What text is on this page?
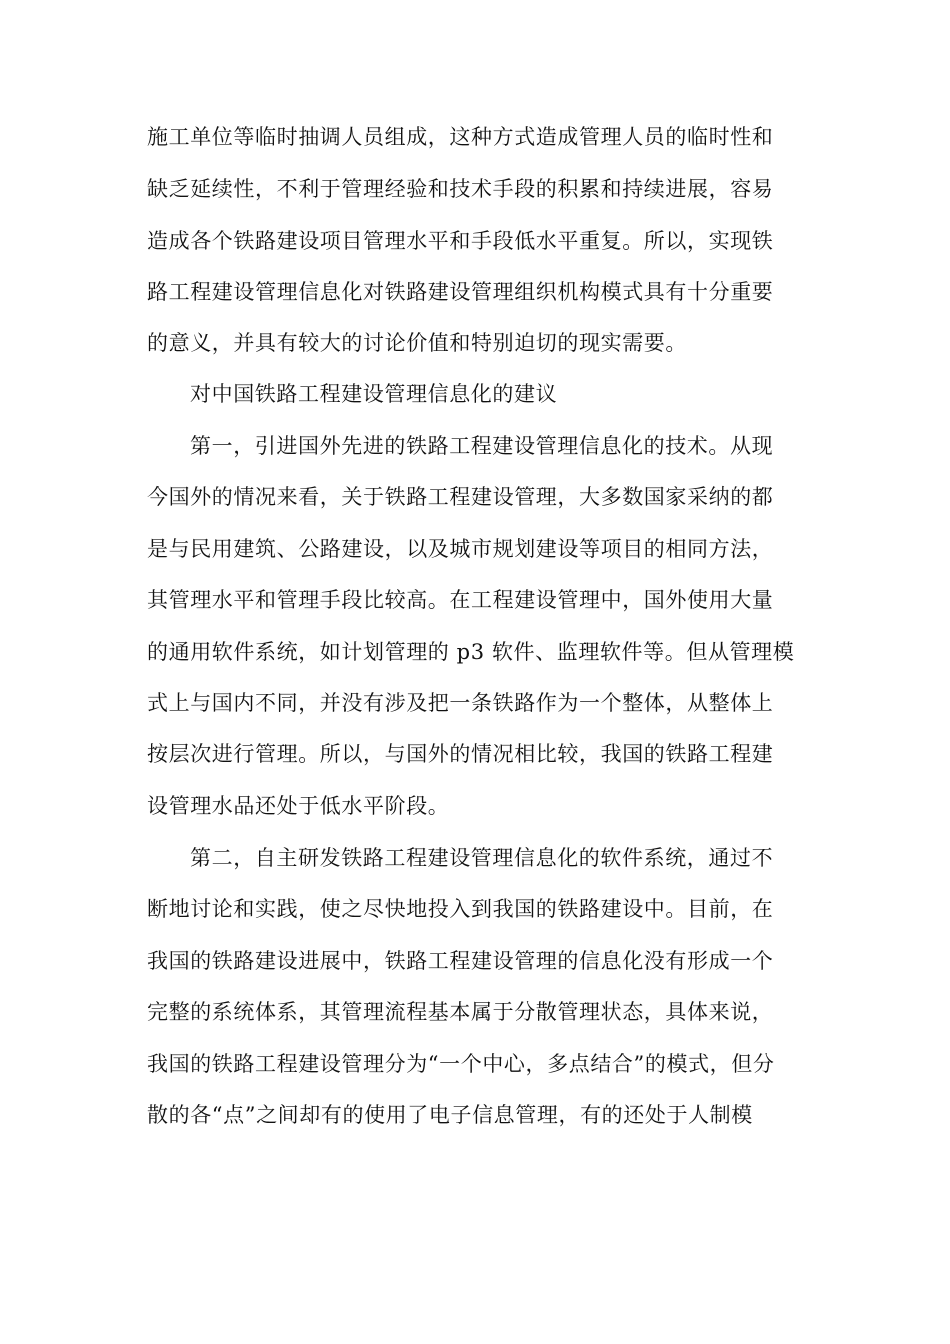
施工单位等临时抽调人员组成，这种方式造成管理人员的临时性和
缺乏延续性，不利于管理经验和技术手段的积累和持续进展，容易
造成各个铁路建设项目管理水平和手段低水平重复。所以，实现铁
路工程建设管理信息化对铁路建设管理组织机构模式具有十分重要
的意义，并具有较大的讨论价值和特别迫切的现实需要。
对中国铁路工程建设管理信息化的建议
第一，引进国外先进的铁路工程建设管理信息化的技术。从现
今国外的情况来看，关于铁路工程建设管理，大多数国家采纳的都
是与民用建筑、公路建设，以及城市规划建设等项目的相同方法，
其管理水平和管理手段比较高。在工程建设管理中，国外使用大量
的通用软件系统，如计划管理的 p3 软件、监理软件等。但从管理模
式上与国内不同，并没有涉及把一条铁路作为一个整体，从整体上
按层次进行管理。所以，与国外的情况相比较，我国的铁路工程建
设管理水品还处于低水平阶段。
第二，自主研发铁路工程建设管理信息化的软件系统，通过不
断地讨论和实践，使之尽快地投入到我国的铁路建设中。目前，在
我国的铁路建设进展中，铁路工程建设管理的信息化没有形成一个
完整的系统体系，其管理流程基本属于分散管理状态，具体来说，
我国的铁路工程建设管理分为“一个中心，多点结合”的模式，但分
散的各“点”之间却有的使用了电子信息管理，有的还处于人制模
